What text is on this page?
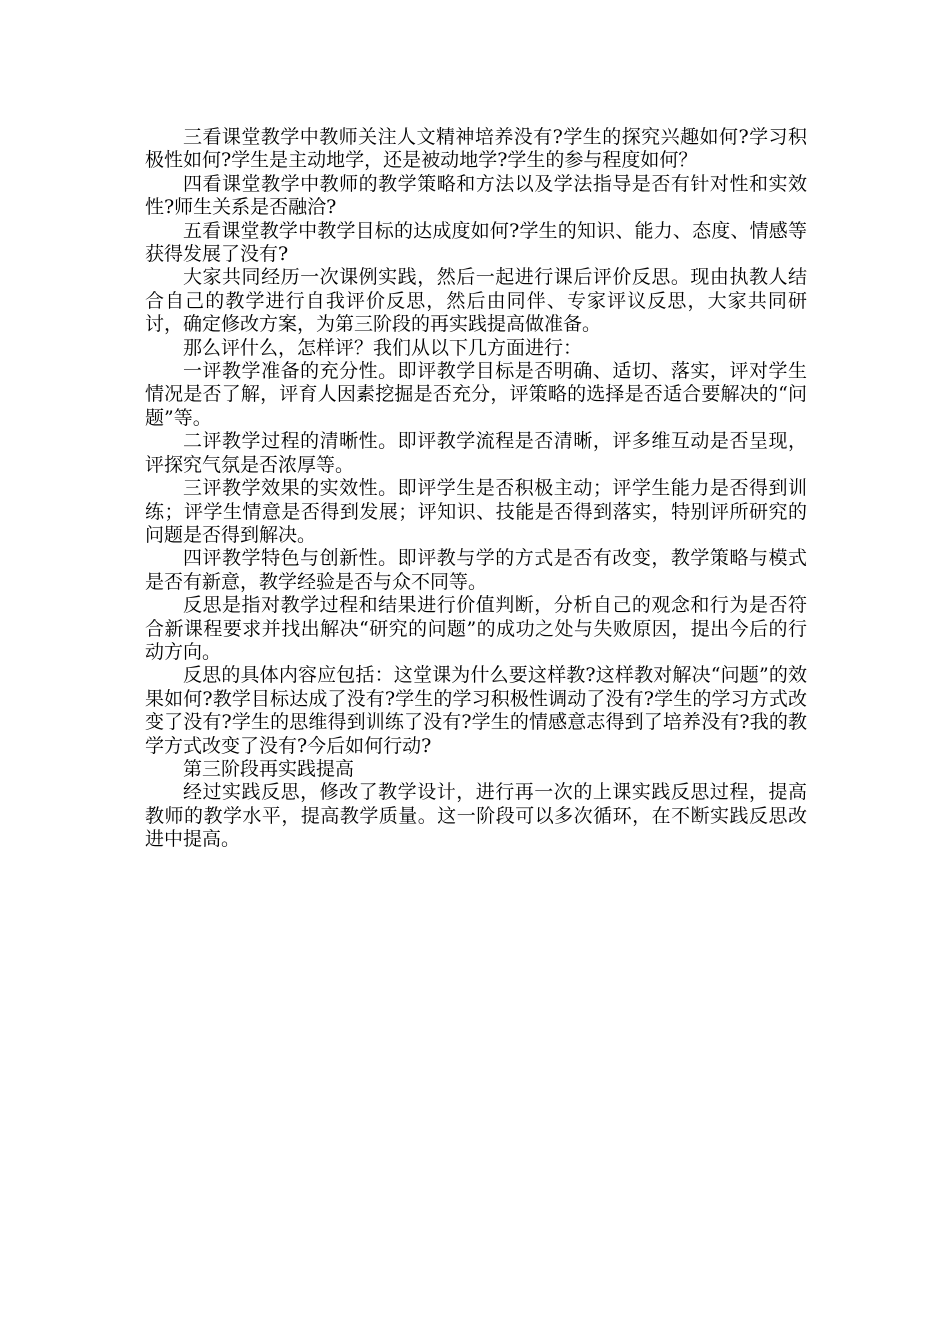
三看课堂教学中教师关注人文精神培养没有?学生的探究兴趣如何?学习积极性如何?学生是主动地学，还是被动地学?学生的参与程度如何？

四看课堂教学中教师的教学策略和方法以及学法指导是否有针对性和实效性?师生关系是否融洽?

五看课堂教学中教学目标的达成度如何?学生的知识、能力、态度、情感等获得发展了没有?

大家共同经历一次课例实践，然后一起进行课后评价反思。现由执教人结合自己的教学进行自我评价反思，然后由同伴、专家评议反思，大家共同研讨，确定修改方案，为第三阶段的再实践提高做准备。

那么评什么，怎样评？我们从以下几方面进行：

一评教学准备的充分性。即评教学目标是否明确、适切、落实，评对学生情况是否了解，评育人因素挖掘是否充分，评策略的选择是否适合要解决的“问题”等。

二评教学过程的清晰性。即评教学流程是否清晰，评多维互动是否呈现，评探究气氛是否浓厚等。

三评教学效果的实效性。即评学生是否积极主动；评学生能力是否得到训练；评学生情意是否得到发展；评知识、技能是否得到落实，特别评所研究的问题是否得到解决。

四评教学特色与创新性。即评教与学的方式是否有改变，教学策略与模式是否有新意，教学经验是否与众不同等。

反思是指对教学过程和结果进行价值判断，分析自己的观念和行为是否符合新课程要求并找出解决“研究的问题”的成功之处与失败原因，提出今后的行动方向。

反思的具体内容应包括：这堂课为什么要这样教?这样教对解决“问题”的效果如何?教学目标达成了没有?学生的学习积极性调动了没有?学生的学习方式改变了没有?学生的思维得到训练了没有?学生的情感意志得到了培养没有?我的教学方式改变了没有?今后如何行动?

第三阶段再实践提高

经过实践反思，修改了教学设计，进行再一次的上课实践反思过程，提高教师的教学水平，提高教学质量。这一阶段可以多次循环，在不断实践反思改进中提高。
